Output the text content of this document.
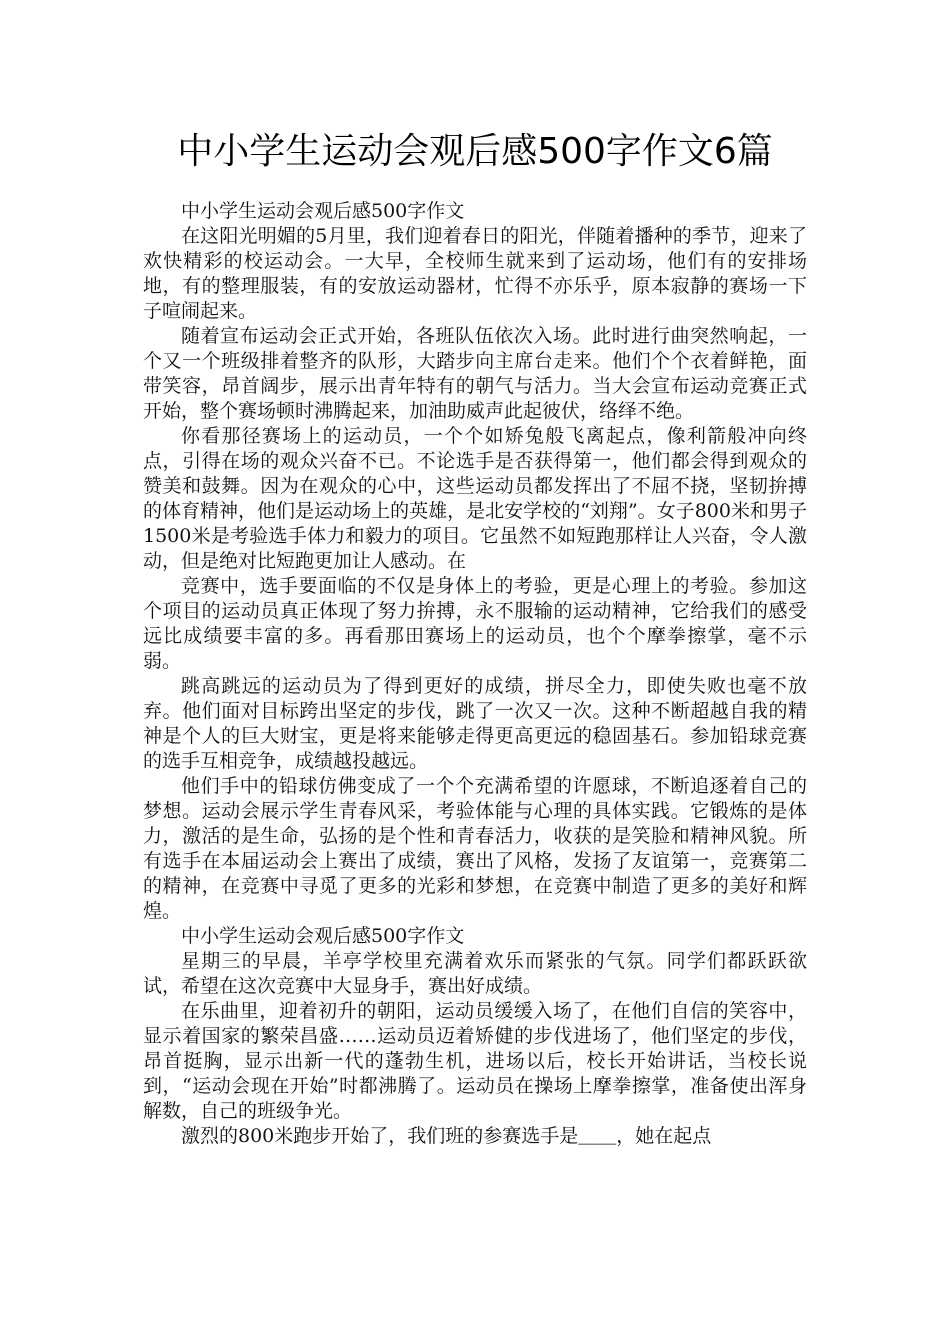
中小学生运动会观后感500字作文6篇

中小学生运动会观后感500字作文

在这阳光明媚的5月里，我们迎着春日的阳光，伴随着播种的季节，迎来了欢快精彩的校运动会。一大早，全校师生就来到了运动场，他们有的安排场地，有的整理服装，有的安放运动器材，忙得不亦乐乎，原本寂静的赛场一下子喧闹起来。

随着宣布运动会正式开始，各班队伍依次入场。此时进行曲突然响起，一个又一个班级排着整齐的队形，大踏步向主席台走来。他们个个衣着鲜艳，面带笑容，昂首阔步，展示出青年特有的朝气与活力。当大会宣布运动竞赛正式开始，整个赛场顿时沸腾起来，加油助威声此起彼伏，络绎不绝。

你看那径赛场上的运动员，一个个如矫兔般飞离起点，像利箭般冲向终点，引得在场的观众兴奋不已。不论选手是否获得第一，他们都会得到观众的赞美和鼓舞。因为在观众的心中，这些运动员都发挥出了不屈不挠，坚韧拚搏的体育精神，他们是运动场上的英雄，是北安学校的“刘翔”。女子800米和男子1500米是考验选手体力和毅力的项目。它虽然不如短跑那样让人兴奋，令人激动，但是绝对比短跑更加让人感动。在

竞赛中，选手要面临的不仅是身体上的考验，更是心理上的考验。参加这个项目的运动员真正体现了努力拚搏，永不服输的运动精神，它给我们的感受远比成绩要丰富的多。再看那田赛场上的运动员，也个个摩拳擦掌，毫不示弱。

跳高跳远的运动员为了得到更好的成绩，拼尽全力，即使失败也毫不放弃。他们面对目标跨出坚定的步伐，跳了一次又一次。这种不断超越自我的精神是个人的巨大财宝，更是将来能够走得更高更远的稳固基石。参加铅球竞赛的选手互相竞争，成绩越投越远。

他们手中的铅球仿佛变成了一个个充满希望的许愿球，不断追逐着自己的梦想。运动会展示学生青春风采，考验体能与心理的具体实践。它锻炼的是体力，激活的是生命，弘扬的是个性和青春活力，收获的是笑脸和精神风貌。所有选手在本届运动会上赛出了成绩，赛出了风格，发扬了友谊第一，竞赛第二的精神，在竞赛中寻觅了更多的光彩和梦想，在竞赛中制造了更多的美好和辉煌。

中小学生运动会观后感500字作文

星期三的早晨，羊亭学校里充满着欢乐而紧张的气氛。同学们都跃跃欲试，希望在这次竞赛中大显身手，赛出好成绩。

在乐曲里，迎着初升的朝阳，运动员缓缓入场了，在他们自信的笑容中，显示着国家的繁荣昌盛……运动员迈着矫健的步伐进场了，他们坚定的步伐，昂首挺胸，显示出新一代的蓬勃生机，进场以后，校长开始讲话，当校长说到，“运动会现在开始”时都沸腾了。运动员在操场上摩拳擦掌，准备使出浑身解数，自己的班级争光。

激烈的800米跑步开始了，我们班的参赛选手是＿＿，她在起点
